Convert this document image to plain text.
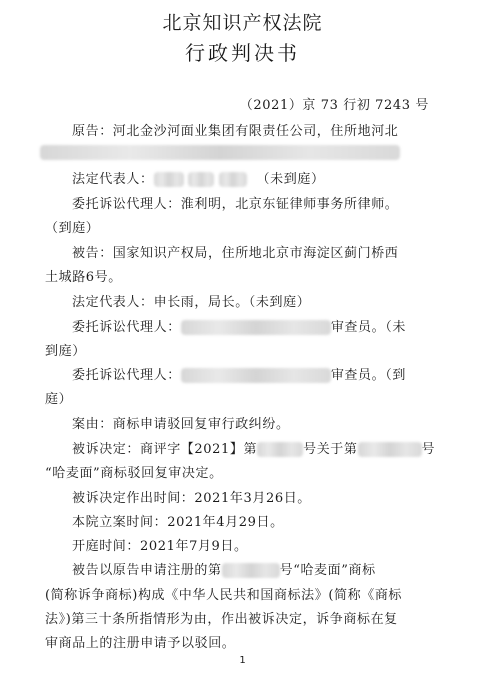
北京知识产权法院
行政判决书
（2021）京 73 行初 7243 号
原告：河北金沙河面业集团有限责任公司，住所地河北
法定代表人：	（未到庭）
委托诉讼代理人：淮利明，北京东钲律师事务所律师。
（到庭）
被告：国家知识产权局，住所地北京市海淀区蓟门桥西
土城路6号。
法定代表人：申长雨，局长。（未到庭）
委托诉讼代理人：	审查员。（未
到庭）
委托诉讼代理人：	审查员。（到
庭）
案由：商标申请驳回复审行政纠纷。
被诉决定：商评字【2021】第	号关于第	号
“哈麦面”商标驳回复审决定。
被诉决定作出时间：2021年3月26日。
本院立案时间：2021年4月29日。
开庭时间：2021年7月9日。
被告以原告申请注册的第	号“哈麦面”商标
(简称诉争商标)构成《中华人民共和国商标法》(简称《商标
法》)第三十条所指情形为由，作出被诉决定，诉争商标在复
审商品上的注册申请予以驳回。
1
